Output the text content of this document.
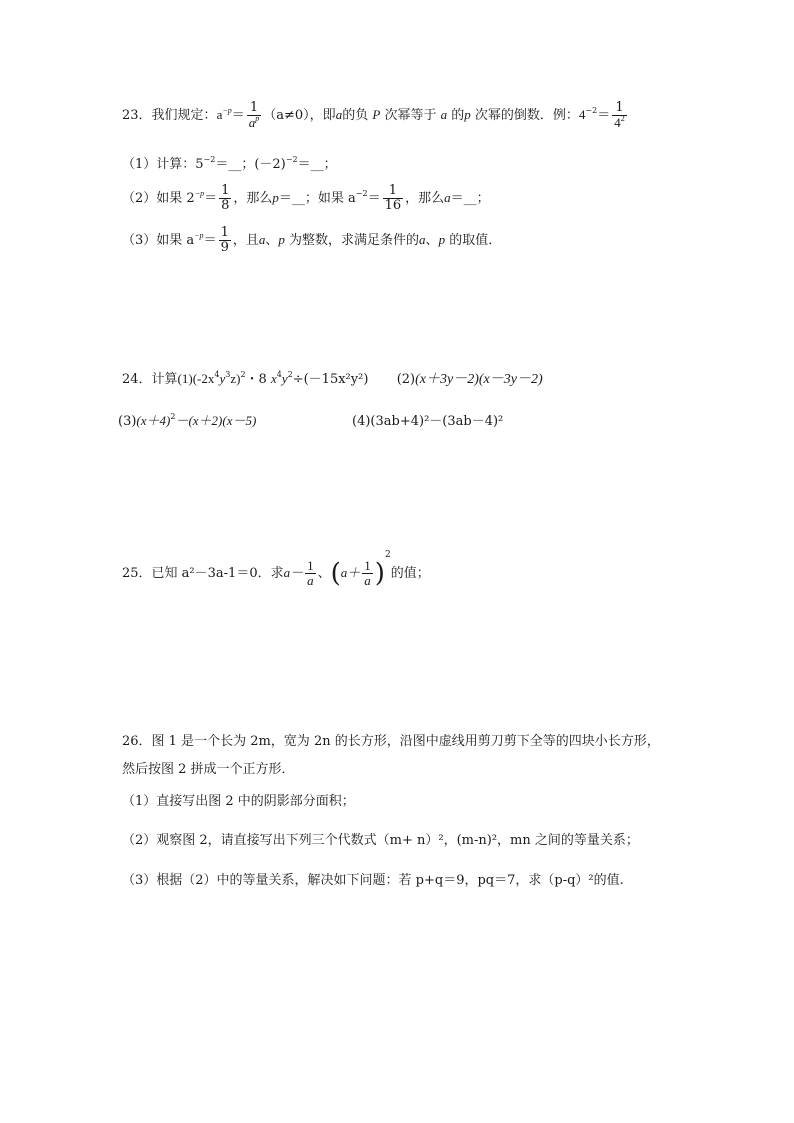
23．我们规定：$a^{-p}= \frac{1}{a^p} (a\ne 0)$，即a的负 P 次幂等于 a 的p 次幂的倒数．例：$4^{-2}= \frac{1}{4^2}$
（1）计算：$5^{-2}=\_\_$；$(-2)^{-2}=\_\_$；
（2）如果 $2^{-p}= \frac{1}{8}$ ，那么p＝__；如果 $a^{-2}= \frac{1}{16}$ ，那么a＝__；
（3）如果 $a^{-p}= \frac{1}{9}$ ，且a、p 为整数，求满足条件的a、p 的取值．
24．计算$(1)(-2x^4y^3z)^2$・8 $x^4y^2\div(-15x^2y^2)$ (2)(x＋3y－2)(x－3y－2)
$(3)(x+4)^2-(x+2)(x-5)$	(4)(3ab+4)²－(3ab－4)²
25．已知 a²－3a-1＝0．求$a- \frac{1}{a}$ 、$(a+ \frac{1}{a} )^2$的值；
26．图 1 是一个长为 2m，宽为 2n 的长方形，沿图中虚线用剪刀剪下全等的四块小长方形，
然后按图 2 拼成一个正方形．
（1）直接写出图 2 中的阴影部分面积；
（2）观察图 2，请直接写出下列三个代数式（m+ n）²，(m-n)²，mn 之间的等量关系；
（3）根据（2）中的等量关系，解决如下问题：若 p+q＝9，pq＝7，求（p-q）²的值.
